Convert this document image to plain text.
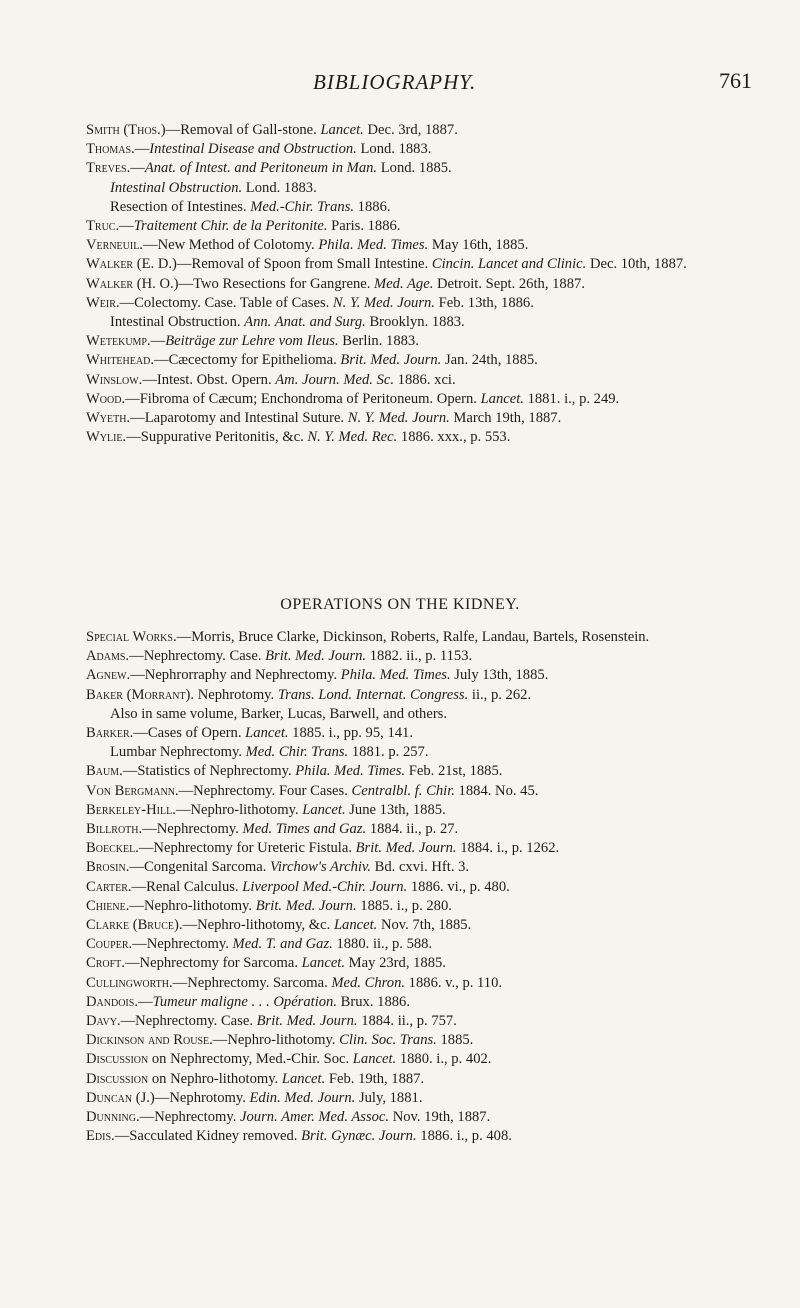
BIBLIOGRAPHY.	761

Smith (Thos.)—Removal of Gall-stone. Lancet. Dec. 3rd, 1887.

Thomas.—Intestinal Disease and Obstruction. Lond. 1883.

Treves.—Anat. of Intest. and Peritoneum in Man. Lond. 1885.

Intestinal Obstruction. Lond. 1883.

Resection of Intestines. Med.-Chir. Trans. 1886.

Truc.—Traitement Chir. de la Peritonite. Paris. 1886.

Verneuil.—New Method of Colotomy. Phila. Med. Times. May 16th, 1885.

Walker (E. D.)—Removal of Spoon from Small Intestine. Cincin. Lancet and Clinic. Dec. 10th, 1887.

Walker (H. O.)—Two Resections for Gangrene. Med. Age. Detroit. Sept. 26th, 1887.

Weir.—Colectomy. Case. Table of Cases. N. Y. Med. Journ. Feb. 13th, 1886.

Intestinal Obstruction. Ann. Anat. and Surg. Brooklyn. 1883.

Wetekump.—Beiträge zur Lehre vom Ileus. Berlin. 1883.

Whitehead.—Cæcectomy for Epithelioma. Brit. Med. Journ. Jan. 24th, 1885.

Winslow.—Intest. Obst. Opern. Am. Journ. Med. Sc. 1886. xci.

Wood.—Fibroma of Cæcum; Enchondroma of Peritoneum. Opern. Lancet. 1881. i., p. 249.

Wyeth.—Laparotomy and Intestinal Suture. N. Y. Med. Journ. March 19th, 1887.

Wylie.—Suppurative Peritonitis, &c. N. Y. Med. Rec. 1886. xxx., p. 553.

OPERATIONS ON THE KIDNEY.

Special Works.—Morris, Bruce Clarke, Dickinson, Roberts, Ralfe, Landau, Bartels, Rosenstein.

Adams.—Nephrectomy. Case. Brit. Med. Journ. 1882. ii., p. 1153.

Agnew.—Nephrorraphy and Nephrectomy. Phila. Med. Times. July 13th, 1885.

Baker (Morrant). Nephrotomy. Trans. Lond. Internat. Congress. ii., p. 262.

Also in same volume, Barker, Lucas, Barwell, and others.

Barker.—Cases of Opern. Lancet. 1885. i., pp. 95, 141.

Lumbar Nephrectomy. Med. Chir. Trans. 1881. p. 257.

Baum.—Statistics of Nephrectomy. Phila. Med. Times. Feb. 21st, 1885.

Von Bergmann.—Nephrectomy. Four Cases. Centralbl. f. Chir. 1884. No. 45.

Berkeley-Hill.—Nephro-lithotomy. Lancet. June 13th, 1885.

Billroth.—Nephrectomy. Med. Times and Gaz. 1884. ii., p. 27.

Boeckel.—Nephrectomy for Ureteric Fistula. Brit. Med. Journ. 1884. i., p. 1262.

Brosin.—Congenital Sarcoma. Virchow's Archiv. Bd. cxvi. Hft. 3.

Carter.—Renal Calculus. Liverpool Med.-Chir. Journ. 1886. vi., p. 480.

Chiene.—Nephro-lithotomy. Brit. Med. Journ. 1885. i., p. 280.

Clarke (Bruce).—Nephro-lithotomy, &c. Lancet. Nov. 7th, 1885.

Couper.—Nephrectomy. Med. T. and Gaz. 1880. ii., p. 588.

Croft.—Nephrectomy for Sarcoma. Lancet. May 23rd, 1885.

Cullingworth.—Nephrectomy. Sarcoma. Med. Chron. 1886. v., p. 110.

Dandois.—Tumeur maligne . . . Opération. Brux. 1886.

Davy.—Nephrectomy. Case. Brit. Med. Journ. 1884. ii., p. 757.

Dickinson and Rouse.—Nephro-lithotomy. Clin. Soc. Trans. 1885.

Discussion on Nephrectomy, Med.-Chir. Soc. Lancet. 1880. i., p. 402.

Discussion on Nephro-lithotomy. Lancet. Feb. 19th, 1887.

Duncan (J.)—Nephrotomy. Edin. Med. Journ. July, 1881.

Dunning.—Nephrectomy. Journ. Amer. Med. Assoc. Nov. 19th, 1887.

Edis.—Sacculated Kidney removed. Brit. Gynæc. Journ. 1886. i., p. 408.
